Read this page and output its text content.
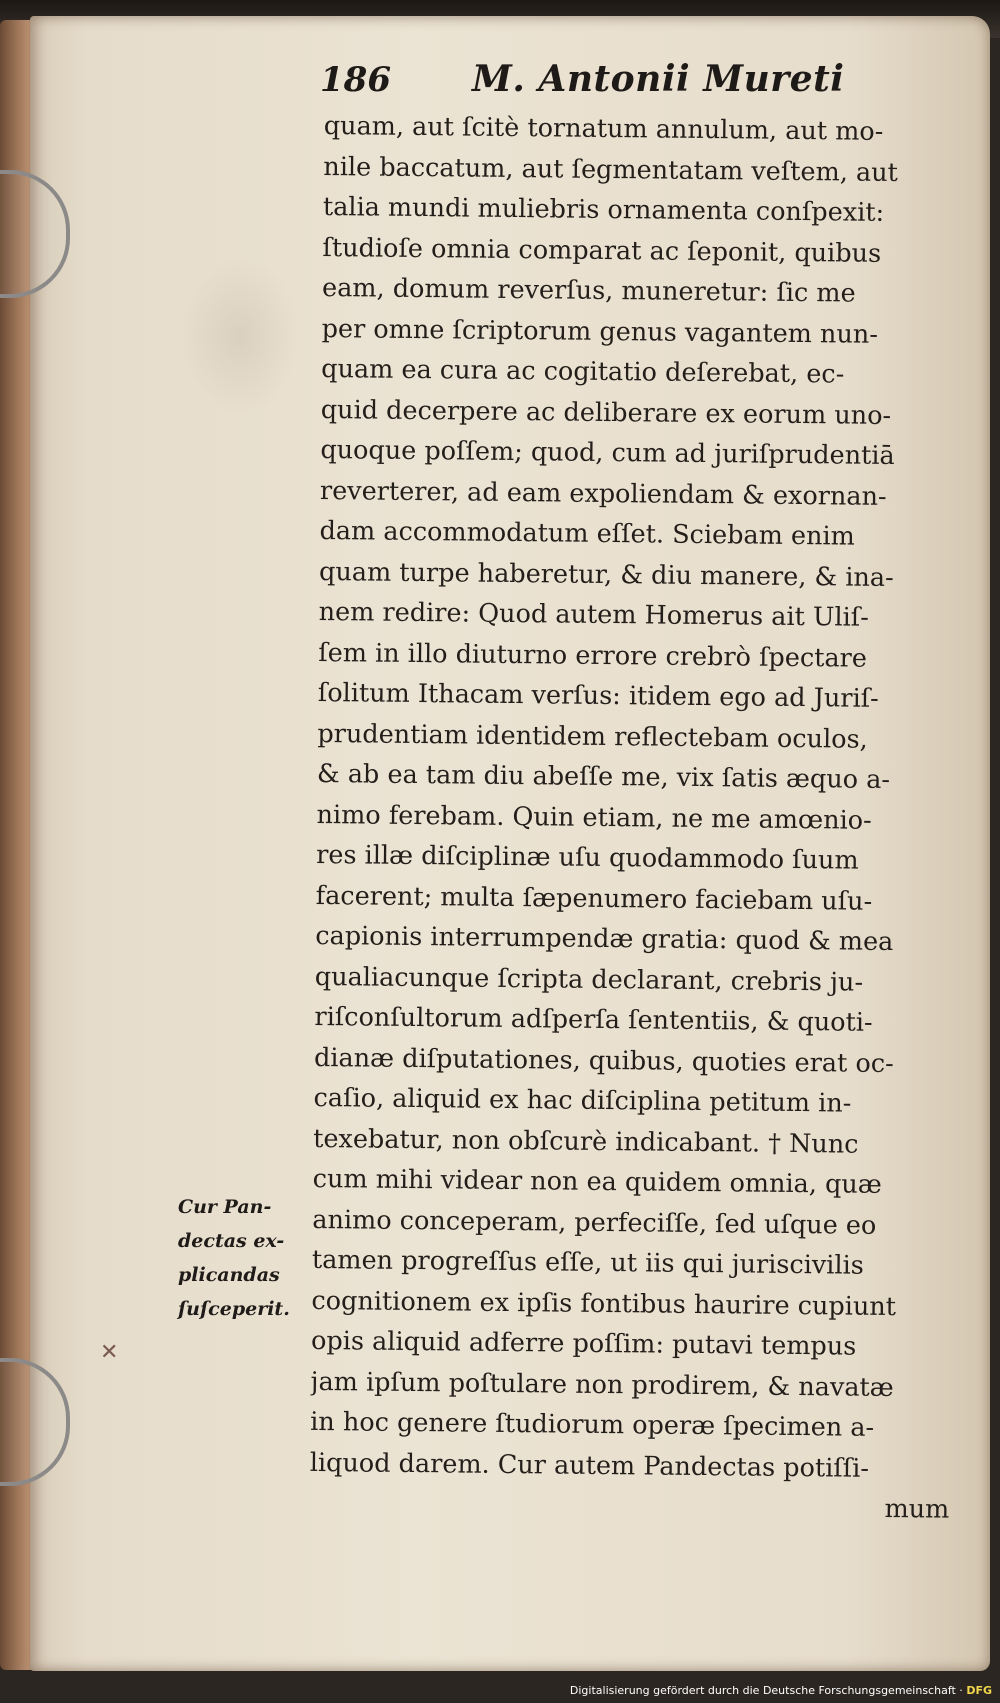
186 M. Antonii Mureti
quam, aut ſcitè tornatum annulum, aut mo-
nile baccatum, aut ſegmentatam veſtem, aut
talia mundi muliebris ornamenta conſpexit:
ſtudioſe omnia comparat ac ſeponit, quibus
eam, domum reverſus, muneretur: ſic me
per omne ſcriptorum genus vagantem nun-
quam ea cura ac cogitatio deſerebat, ec-
quid decerpere ac deliberare ex eorum uno-
quoque poſſem; quod, cum ad juriſprudentiā
reverterer, ad eam expoliendam & exornan-
dam accommodatum eſſet. Sciebam enim
quam turpe haberetur, & diu manere, & ina-
nem redire: Quod autem Homerus ait Uliſ-
ſem in illo diuturno errore crebrò ſpectare
ſolitum Ithacam verſus: itidem ego ad Juriſ-
prudentiam identidem reflectebam oculos,
& ab ea tam diu abeſſe me, vix ſatis æquo a-
nimo ferebam. Quin etiam, ne me amœnio-
res illæ diſciplinæ uſu quodammodo ſuum
facerent; multa ſæpenumero faciebam uſu-
capionis interrumpendæ gratia: quod & mea
qualiacunque ſcripta declarant, crebris ju-
riſconſultorum adſperſa ſententiis, & quoti-
dianæ diſputationes, quibus, quoties erat oc-
caſio, aliquid ex hac diſciplina petitum in-
texebatur, non obſcurè indicabant. † Nunc
cum mihi videar non ea quidem omnia, quæ
animo conceperam, perfeciſſe, ſed uſque eo
tamen progreſſus eſſe, ut iis qui juriscivilis
cognitionem ex ipſis fontibus haurire cupiunt
opis aliquid adferre poſſim: putavi tempus
jam ipſum poſtulare non prodirem, & navatæ
in hoc genere ſtudiorum operæ ſpecimen a-
liquod darem. Cur autem Pandectas potiſſi-
mum
Cur Pan-
dectas ex-
plicandas
ſuſceperit.
✕
Digitalisierung gefördert durch die Deutsche Forschungsgemeinschaft · DFG
